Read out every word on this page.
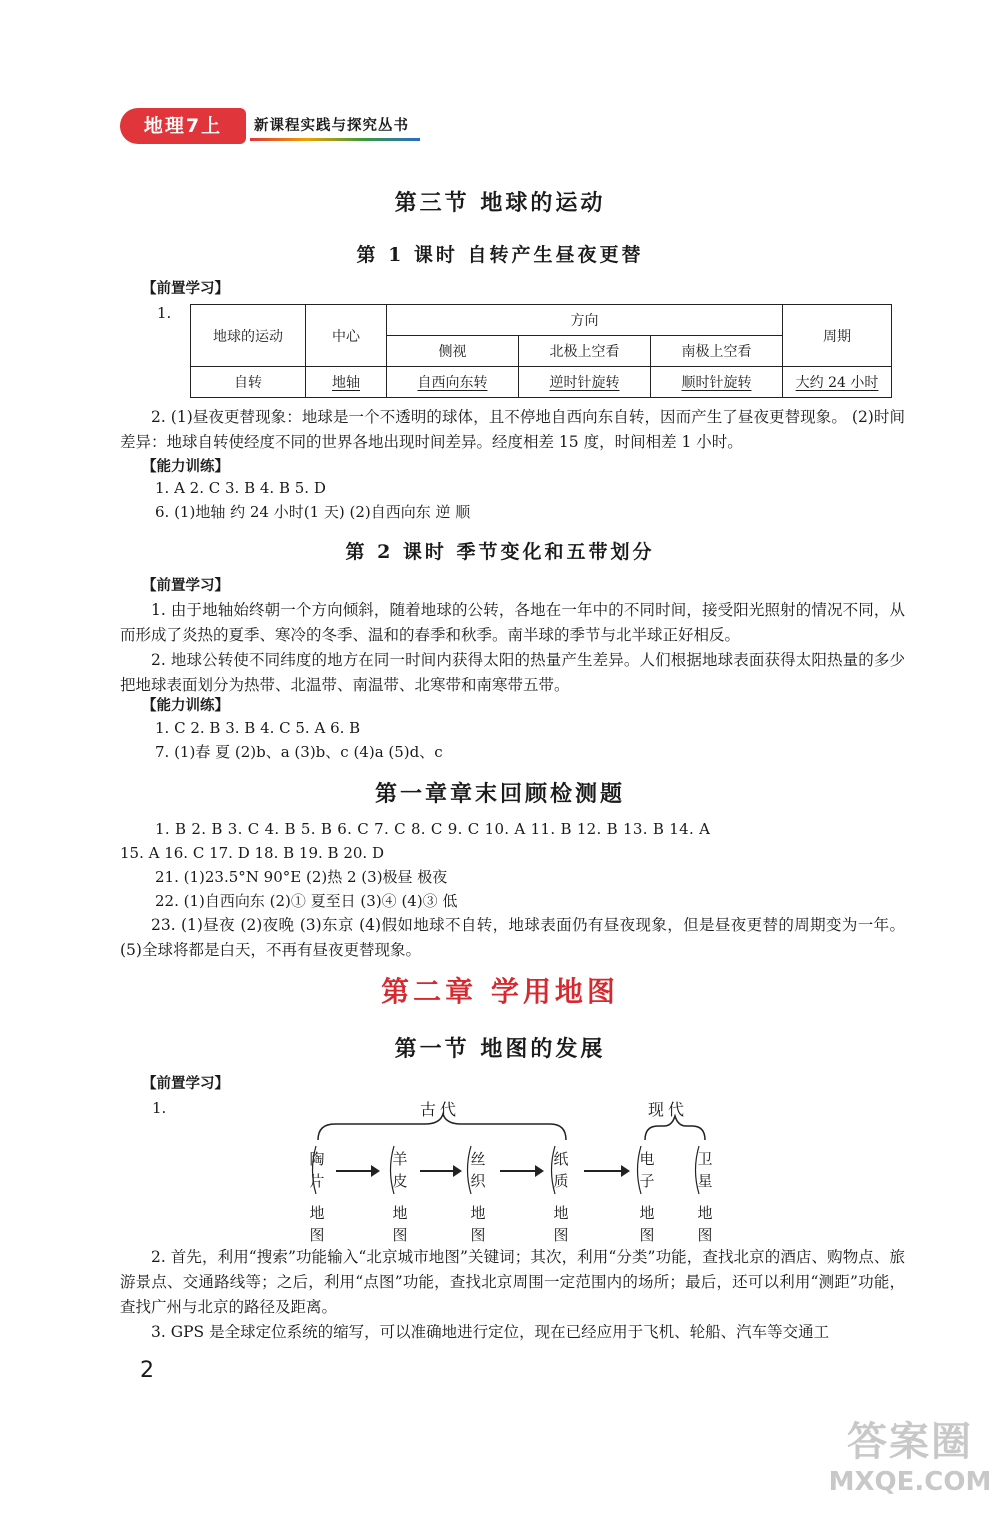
地理7上	新课程实践与探究丛书
第三节 地球的运动
第 1 课时 自转产生昼夜更替
【前置学习】
1.
地球的运动	中心	方向			周期
		侧视	北极上空看	南极上空看	
自转	地轴	自西向东转	逆时针旋转	顺时针旋转	大约 24 小时
2. (1)昼夜更替现象：地球是一个不透明的球体，且不停地自西向东自转，因而产生了昼夜更替现象。 (2)时间差异：地球自转使经度不同的世界各地出现时间差异。经度相差 15 度，时间相差 1 小时。
【能力训练】
1. A 2. C 3. B 4. B 5. D
6. (1)地轴 约 24 小时(1 天) (2)自西向东 逆 顺
第 2 课时 季节变化和五带划分
【前置学习】
1. 由于地轴始终朝一个方向倾斜，随着地球的公转，各地在一年中的不同时间，接受阳光照射的情况不同，从而形成了炎热的夏季、寒冷的冬季、温和的春季和秋季。南半球的季节与北半球正好相反。
2. 地球公转使不同纬度的地方在同一时间内获得太阳的热量产生差异。人们根据地球表面获得太阳热量的多少把地球表面划分为热带、北温带、南温带、北寒带和南寒带五带。
【能力训练】
1. C 2. B 3. B 4. C 5. A 6. B
7. (1)春 夏 (2)b、a (3)b、c (4)a (5)d、c
第一章章末回顾检测题
1. B 2. B 3. C 4. B 5. B 6. C 7. C 8. C 9. C 10. A 11. B 12. B 13. B 14. A
15. A 16. C 17. D 18. B 19. B 20. D
21. (1)23.5°N 90°E (2)热 2 (3)极昼 极夜
22. (1)自西向东 (2)① 夏至日 (3)④ (4)③ 低
23. (1)昼夜 (2)夜晚 (3)东京 (4)假如地球不自转，地球表面仍有昼夜现象，但是昼夜更替的周期变为一年。(5)全球将都是白天，不再有昼夜更替现象。
第二章 学用地图
第一节 地图的发展
【前置学习】
1.	古代	现代
陶
片
地
图
羊
皮
地
图
丝
织
地
图
纸
质
地
图
电
子
地
图
卫
星
地
图
2. 首先，利用“搜索”功能输入“北京城市地图”关键词；其次，利用“分类”功能，查找北京的酒店、购物点、旅游景点、交通路线等；之后，利用“点图”功能，查找北京周围一定范围内的场所；最后，还可以利用“测距”功能，查找广州与北京的路径及距离。
3. GPS 是全球定位系统的缩写，可以准确地进行定位，现在已经应用于飞机、轮船、汽车等交通工
2
答案圈
MXQE.COM
